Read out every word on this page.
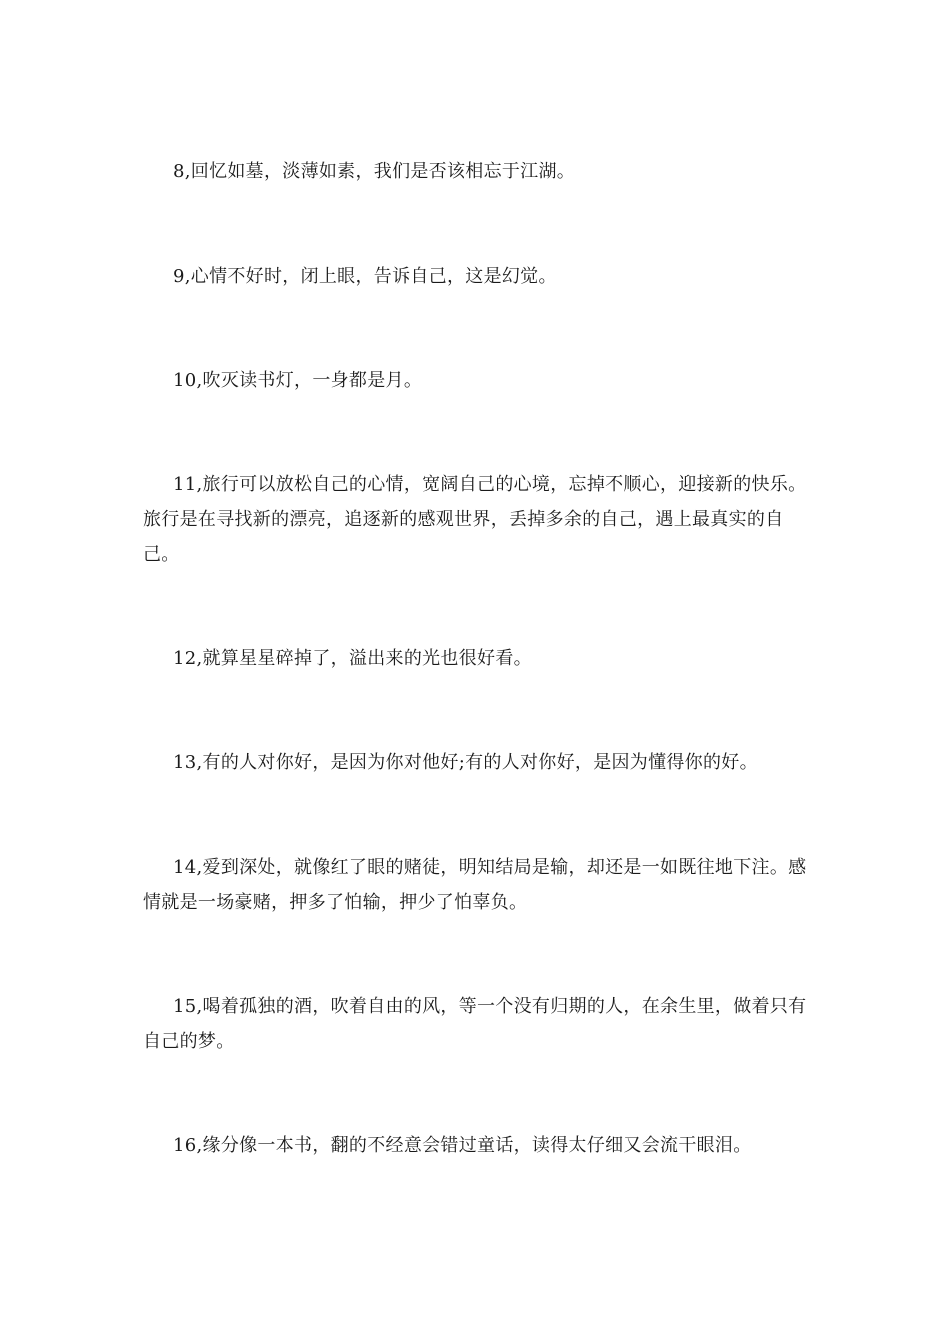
8,回忆如墓，淡薄如素，我们是否该相忘于江湖。

9,心情不好时，闭上眼，告诉自己，这是幻觉。

10,吹灭读书灯，一身都是月。

11,旅行可以放松自己的心情，宽阔自己的心境，忘掉不顺心，迎接新的快乐。旅行是在寻找新的漂亮，追逐新的感观世界，丢掉多余的自己，遇上最真实的自己。

12,就算星星碎掉了，溢出来的光也很好看。

13,有的人对你好，是因为你对他好;有的人对你好，是因为懂得你的好。

14,爱到深处，就像红了眼的赌徒，明知结局是输，却还是一如既往地下注。感情就是一场豪赌，押多了怕输，押少了怕辜负。

15,喝着孤独的酒，吹着自由的风，等一个没有归期的人，在余生里，做着只有自己的梦。

16,缘分像一本书，翻的不经意会错过童话，读得太仔细又会流干眼泪。
